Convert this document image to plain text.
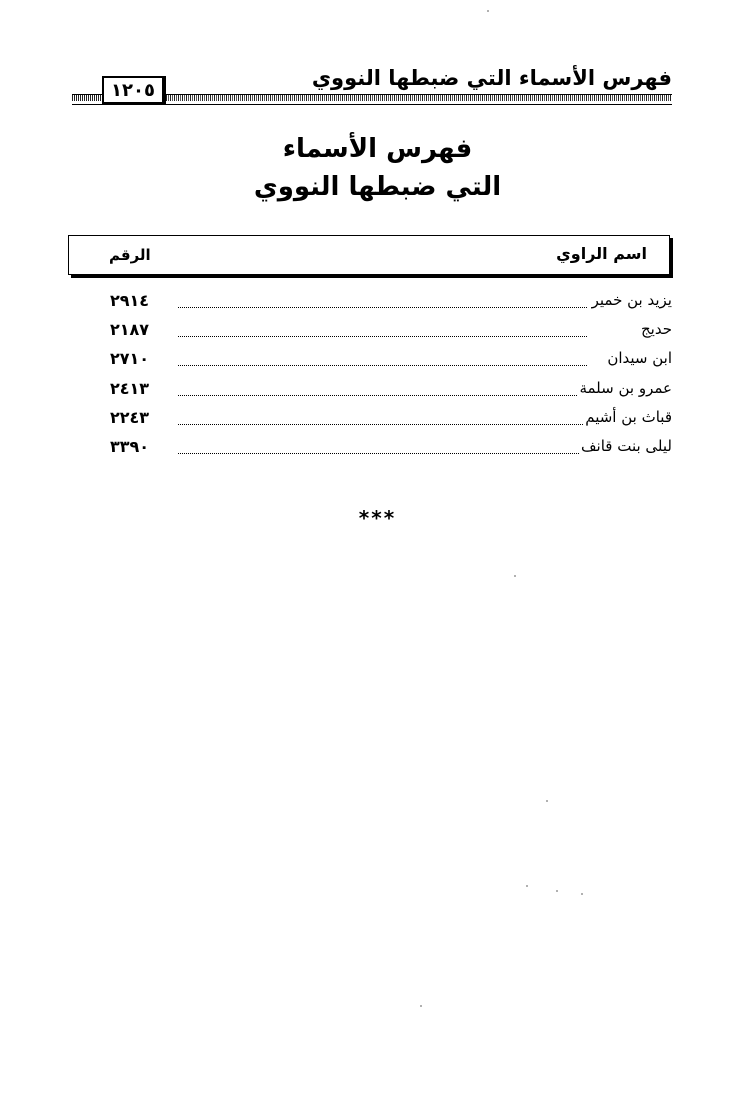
١٢٠٥	فهرس الأسماء التي ضبطها النووي
فهرس الأسماء
التي ضبطها النووي
اسم الراوي
الرقم
يزيد بن خمير
٢٩١٤
حديج
٢١٨٧
ابن سيدان
٢٧١٠
عمرو بن سلمة
٢٤١٣
قباث بن أشيم
٢٢٤٣
ليلى بنت قانف
٣٣٩٠
***
